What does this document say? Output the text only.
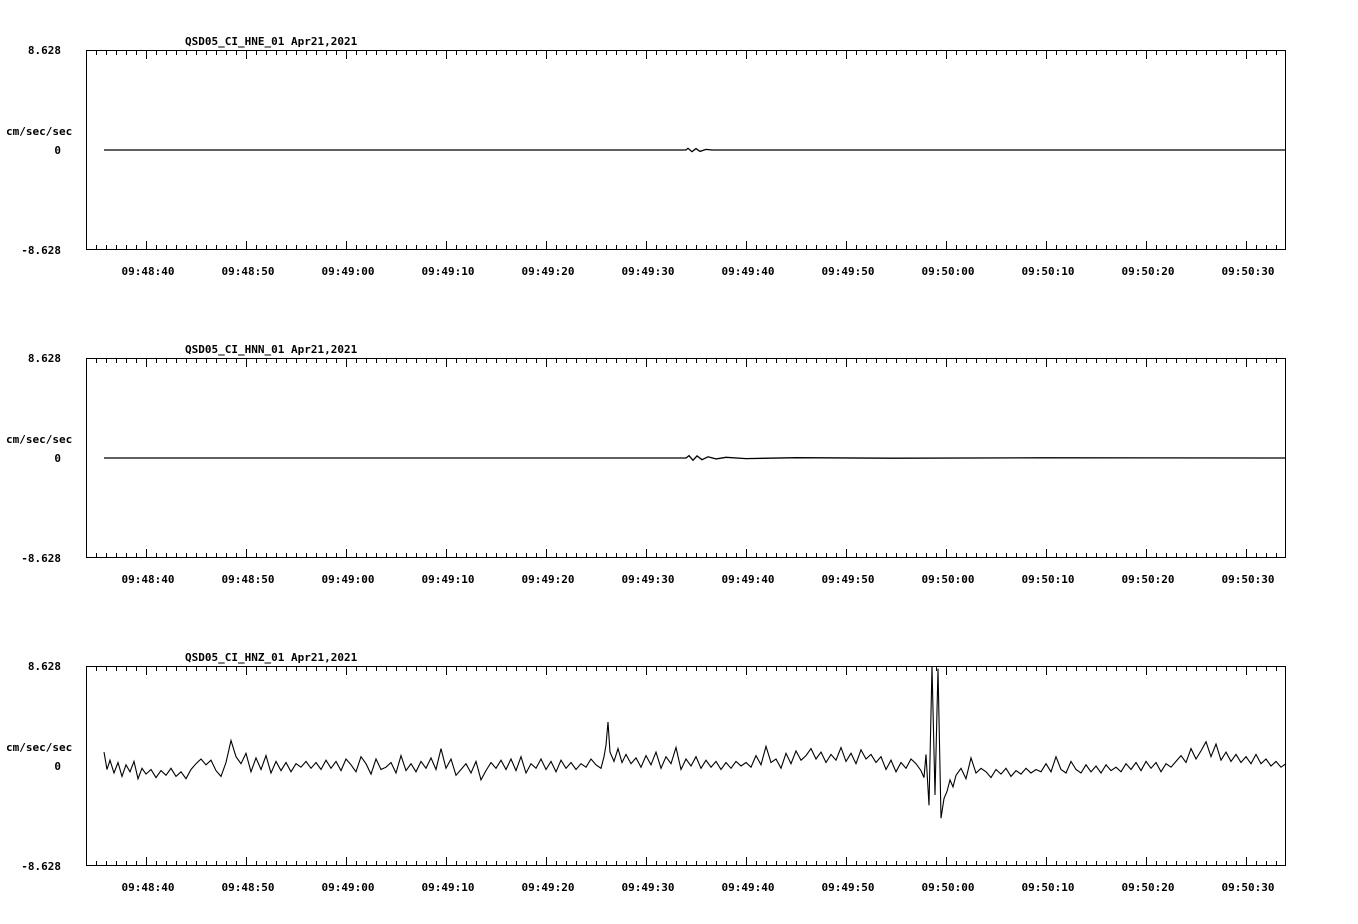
QSD05_CI_HNE_01 Apr21,2021
cm/sec/sec
8.628
0
-8.628
09:48:40	09:48:50	09:49:00	09:49:10	09:49:20	09:49:30	09:49:40	09:49:50	09:50:00	09:50:10	09:50:20	09:50:30
QSD05_CI_HNN_01 Apr21,2021
cm/sec/sec
8.628
0
-8.628
09:48:40	09:48:50	09:49:00	09:49:10	09:49:20	09:49:30	09:49:40	09:49:50	09:50:00	09:50:10	09:50:20	09:50:30
QSD05_CI_HNZ_01 Apr21,2021
cm/sec/sec
8.628
0
-8.628
09:48:40	09:48:50	09:49:00	09:49:10	09:49:20	09:49:30	09:49:40	09:49:50	09:50:00	09:50:10	09:50:20	09:50:30
